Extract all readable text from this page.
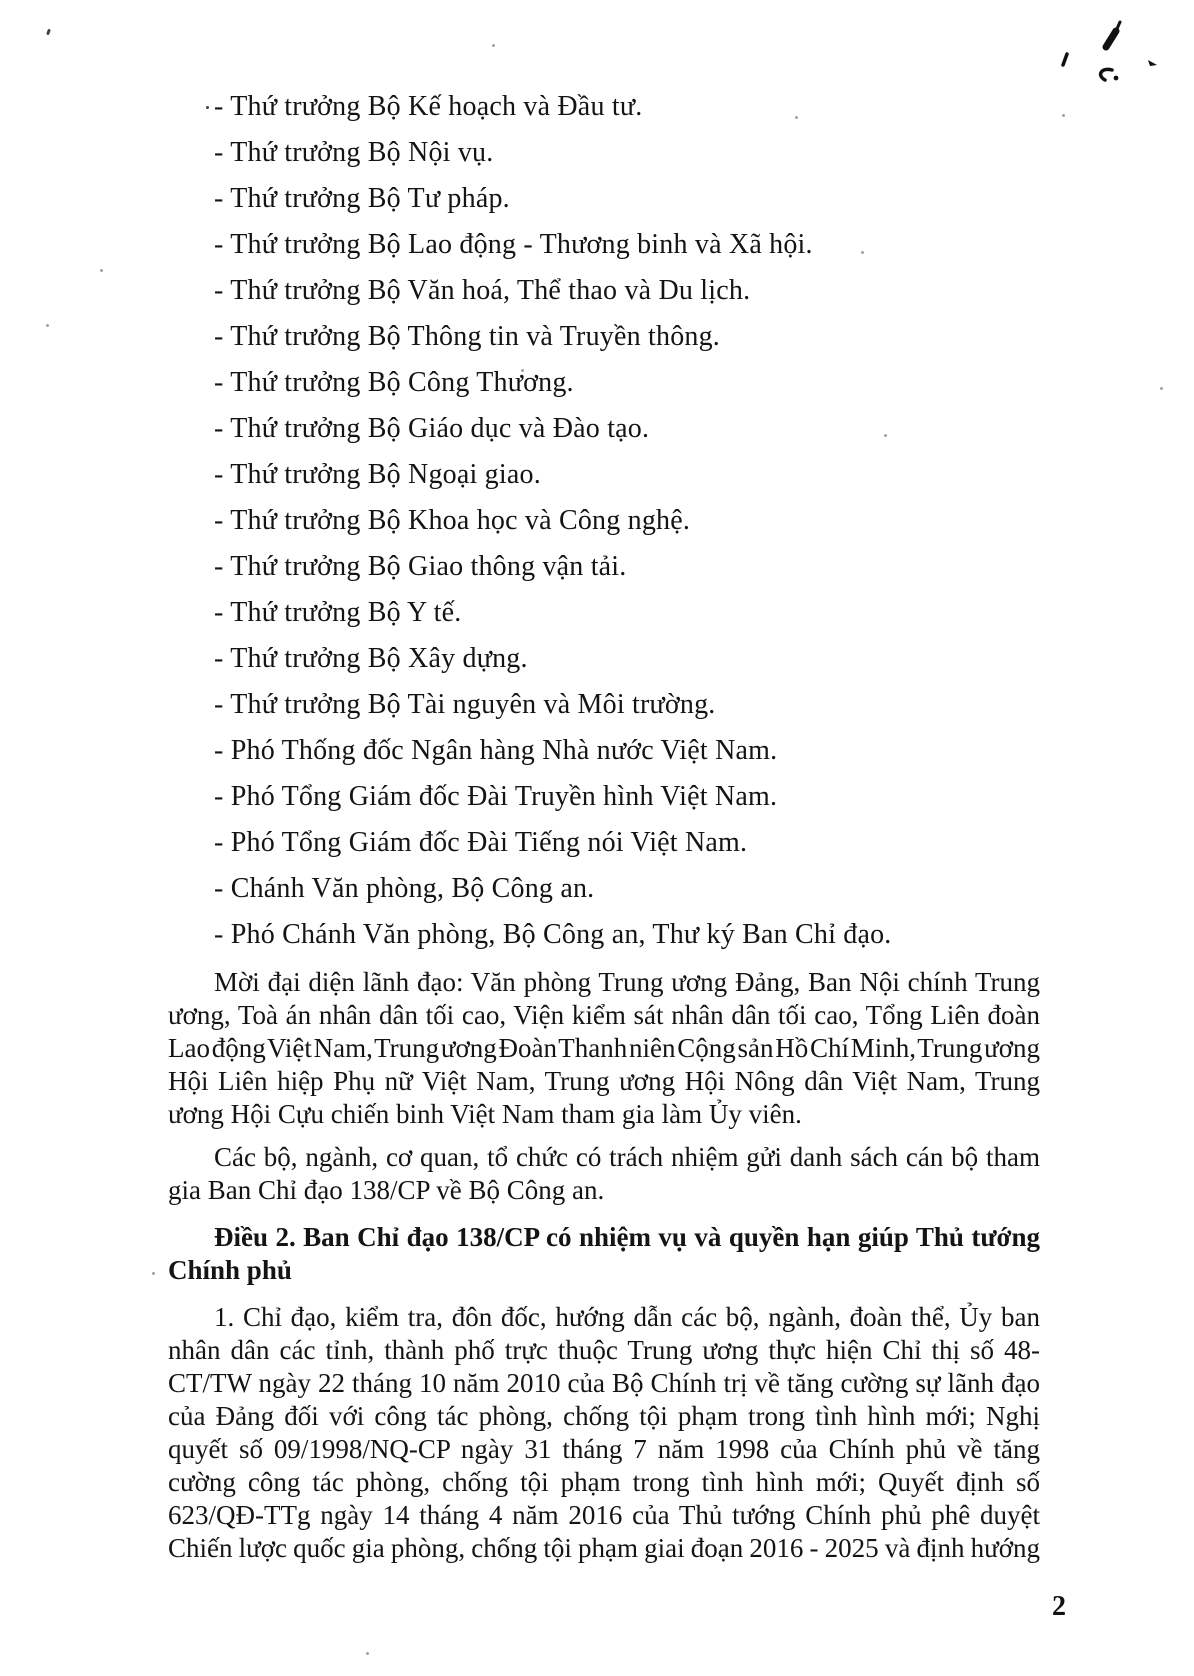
- Thứ trưởng Bộ Kế hoạch và Đầu tư.
- Thứ trưởng Bộ Nội vụ.
- Thứ trưởng Bộ Tư pháp.
- Thứ trưởng Bộ Lao động - Thương binh và Xã hội.
- Thứ trưởng Bộ Văn hoá, Thể thao và Du lịch.
- Thứ trưởng Bộ Thông tin và Truyền thông.
- Thứ trưởng Bộ Công Thương.
- Thứ trưởng Bộ Giáo dục và Đào tạo.
- Thứ trưởng Bộ Ngoại giao.
- Thứ trưởng Bộ Khoa học và Công nghệ.
- Thứ trưởng Bộ Giao thông vận tải.
- Thứ trưởng Bộ Y tế.
- Thứ trưởng Bộ Xây dựng.
- Thứ trưởng Bộ Tài nguyên và Môi trường.
- Phó Thống đốc Ngân hàng Nhà nước Việt Nam.
- Phó Tổng Giám đốc Đài Truyền hình Việt Nam.
- Phó Tổng Giám đốc Đài Tiếng nói Việt Nam.
- Chánh Văn phòng, Bộ Công an.
- Phó Chánh Văn phòng, Bộ Công an, Thư ký Ban Chỉ đạo.
Mời đại diện lãnh đạo: Văn phòng Trung ương Đảng, Ban Nội chính Trung
ương, Toà án nhân dân tối cao, Viện kiểm sát nhân dân tối cao, Tổng Liên đoàn
Lao động Việt Nam, Trung ương Đoàn Thanh niên Cộng sản Hồ Chí Minh, Trung ương
Hội Liên hiệp Phụ nữ Việt Nam, Trung ương Hội Nông dân Việt Nam, Trung
ương Hội Cựu chiến binh Việt Nam tham gia làm Ủy viên.
Các bộ, ngành, cơ quan, tổ chức có trách nhiệm gửi danh sách cán bộ tham
gia Ban Chỉ đạo 138/CP về Bộ Công an.
Điều 2. Ban Chỉ đạo 138/CP có nhiệm vụ và quyền hạn giúp Thủ tướng
Chính phủ
1. Chỉ đạo, kiểm tra, đôn đốc, hướng dẫn các bộ, ngành, đoàn thể, Ủy ban
nhân dân các tỉnh, thành phố trực thuộc Trung ương thực hiện Chỉ thị số 48-
CT/TW ngày 22 tháng 10 năm 2010 của Bộ Chính trị về tăng cường sự lãnh đạo
của Đảng đối với công tác phòng, chống tội phạm trong tình hình mới; Nghị
quyết số 09/1998/NQ-CP ngày 31 tháng 7 năm 1998 của Chính phủ về tăng
cường công tác phòng, chống tội phạm trong tình hình mới; Quyết định số
623/QĐ-TTg ngày 14 tháng 4 năm 2016 của Thủ tướng Chính phủ phê duyệt
Chiến lược quốc gia phòng, chống tội phạm giai đoạn 2016 - 2025 và định hướng
2
